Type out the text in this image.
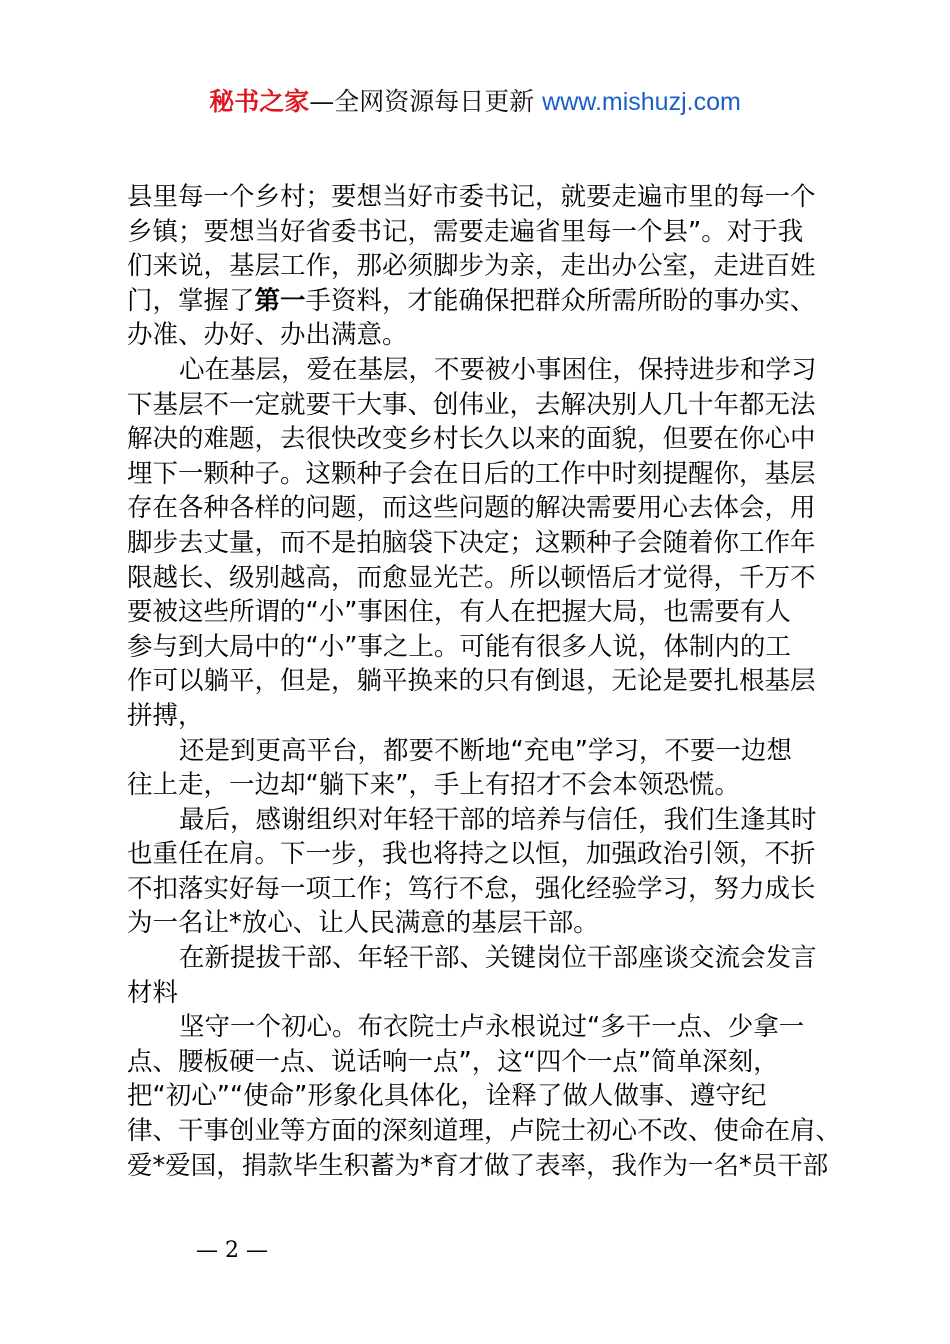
秘书之家—全网资源每日更新 www.mishuzj.com
县里每一个乡村；要想当好市委书记，就要走遍市里的每一个
乡镇；要想当好省委书记，需要走遍省里每一个县”。对于我
们来说，基层工作，那必须脚步为亲，走出办公室，走进百姓
门，掌握了第一手资料，才能确保把群众所需所盼的事办实、
办准、办好、办出满意。
心在基层，爱在基层，不要被小事困住，保持进步和学习
下基层不一定就要干大事、创伟业，去解决别人几十年都无法
解决的难题，去很快改变乡村长久以来的面貌，但要在你心中
埋下一颗种子。这颗种子会在日后的工作中时刻提醒你，基层
存在各种各样的问题，而这些问题的解决需要用心去体会，用
脚步去丈量，而不是拍脑袋下决定；这颗种子会随着你工作年
限越长、级别越高，而愈显光芒。所以顿悟后才觉得，千万不
要被这些所谓的“小”事困住，有人在把握大局，也需要有人
参与到大局中的“小”事之上。可能有很多人说，体制内的工
作可以躺平，但是，躺平换来的只有倒退，无论是要扎根基层
拼搏，
还是到更高平台，都要不断地“充电”学习，不要一边想
往上走，一边却“躺下来”，手上有招才不会本领恐慌。
最后，感谢组织对年轻干部的培养与信任，我们生逢其时
也重任在肩。下一步，我也将持之以恒，加强政治引领，不折
不扣落实好每一项工作；笃行不怠，强化经验学习，努力成长
为一名让*放心、让人民满意的基层干部。
在新提拔干部、年轻干部、关键岗位干部座谈交流会发言
材料
坚守一个初心。布衣院士卢永根说过“多干一点、少拿一
点、腰板硬一点、说话响一点”，这“四个一点”简单深刻，
把“初心”“使命”形象化具体化，诠释了做人做事、遵守纪
律、干事创业等方面的深刻道理，卢院士初心不改、使命在肩、
爱*爱国，捐款毕生积蓄为*育才做了表率，我作为一名*员干部
— 2 —
